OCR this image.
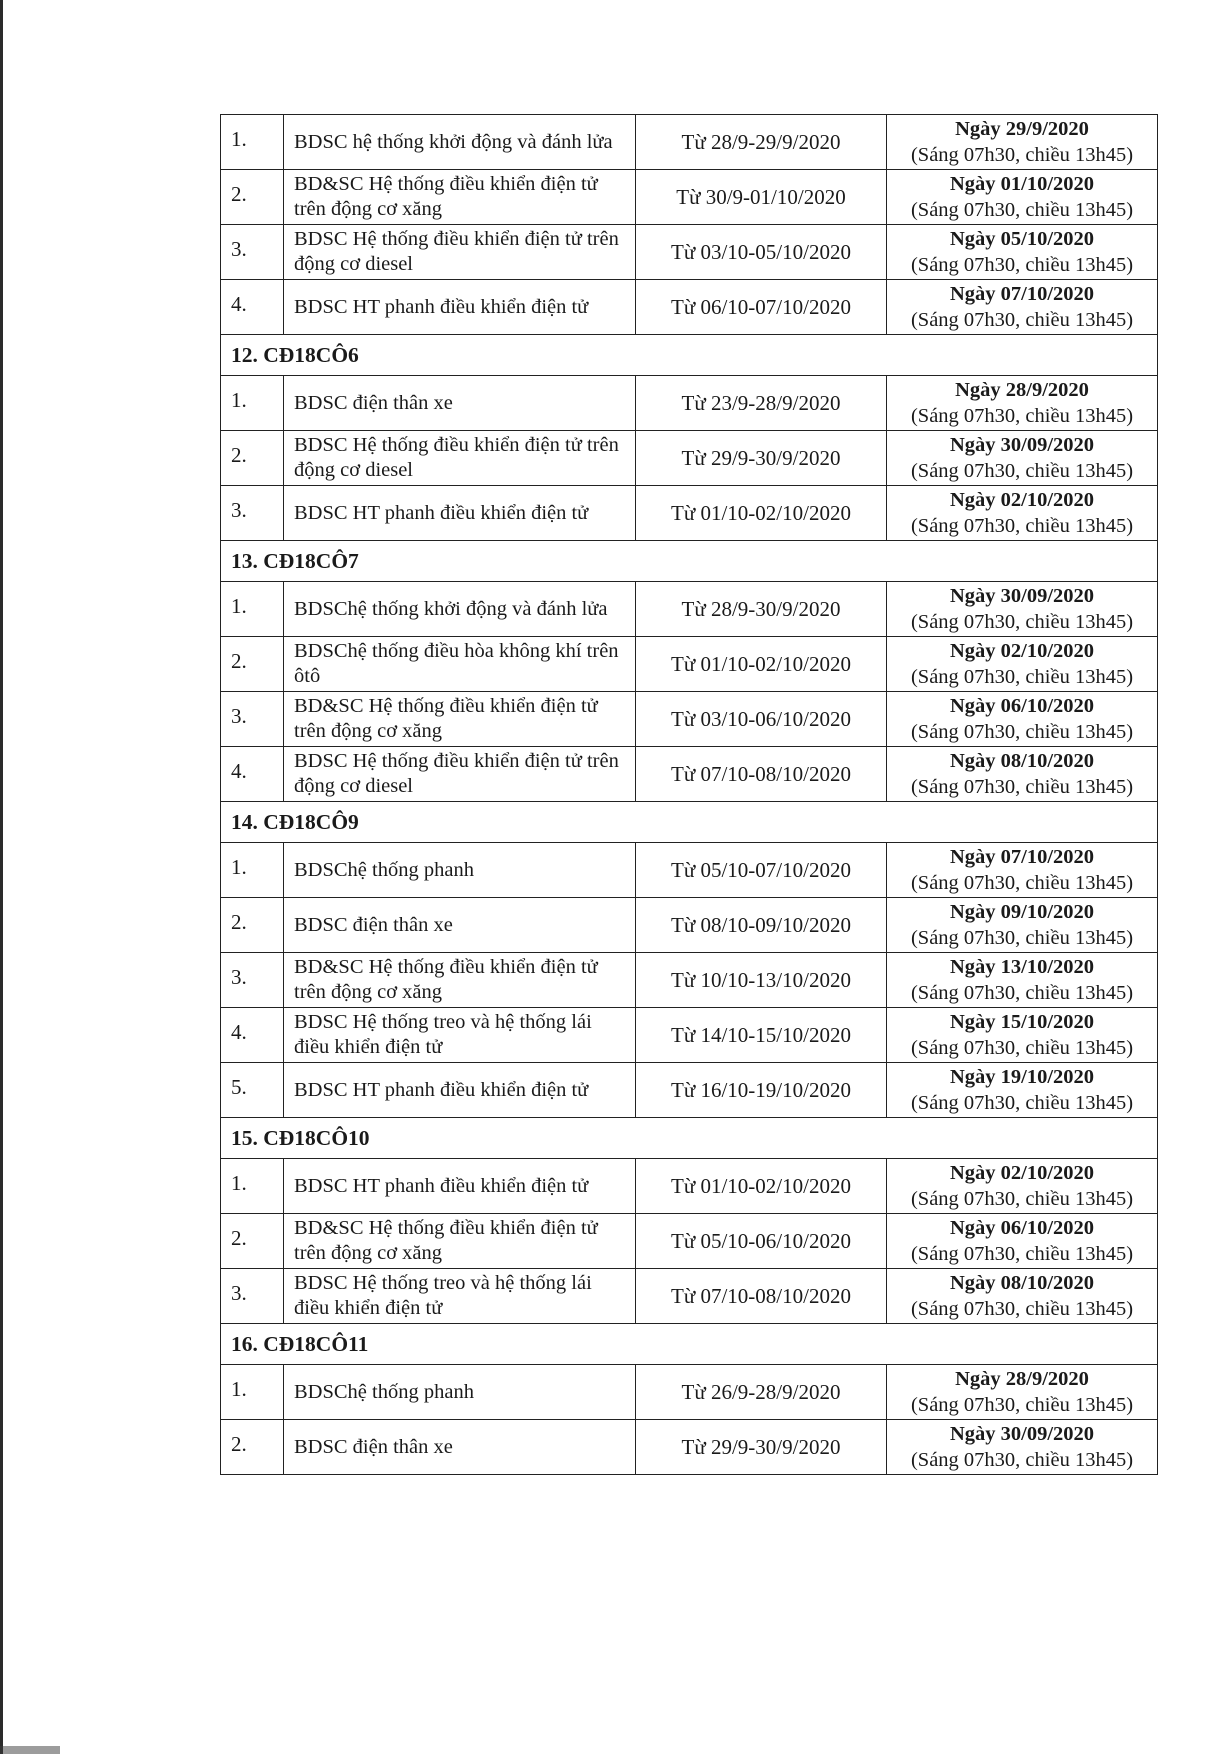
1.	BDSC hệ thống khởi động và đánh lửa	Từ 28/9-29/9/2020	Ngày 29/9/2020
(Sáng 07h30, chiều 13h45)

2.	BD&SC Hệ thống điều khiển điện tử trên động cơ xăng	Từ 30/9-01/10/2020	Ngày 01/10/2020
(Sáng 07h30, chiều 13h45)

3.	BDSC Hệ thống điều khiển điện tử trên động cơ diesel	Từ 03/10-05/10/2020	Ngày 05/10/2020
(Sáng 07h30, chiều 13h45)

4.	BDSC HT phanh điều khiển điện tử	Từ 06/10-07/10/2020	Ngày 07/10/2020
(Sáng 07h30, chiều 13h45)

12. CĐ18CÔ6			
1.	BDSC điện thân xe	Từ 23/9-28/9/2020	Ngày 28/9/2020
(Sáng 07h30, chiều 13h45)

2.	BDSC Hệ thống điều khiển điện tử trên động cơ diesel	Từ 29/9-30/9/2020	Ngày 30/09/2020
(Sáng 07h30, chiều 13h45)

3.	BDSC HT phanh điều khiển điện tử	Từ 01/10-02/10/2020	Ngày 02/10/2020
(Sáng 07h30, chiều 13h45)

13. CĐ18CÔ7			
1.	BDSChệ thống khởi động và đánh lửa	Từ 28/9-30/9/2020	Ngày 30/09/2020
(Sáng 07h30, chiều 13h45)

2.	BDSChệ thống điều hòa không khí trên ôtô	Từ 01/10-02/10/2020	Ngày 02/10/2020
(Sáng 07h30, chiều 13h45)

3.	BD&SC Hệ thống điều khiển điện tử trên động cơ xăng	Từ 03/10-06/10/2020	Ngày 06/10/2020
(Sáng 07h30, chiều 13h45)

4.	BDSC Hệ thống điều khiển điện tử trên động cơ diesel	Từ 07/10-08/10/2020	Ngày 08/10/2020
(Sáng 07h30, chiều 13h45)

14. CĐ18CÔ9			
1.	BDSChệ thống phanh	Từ 05/10-07/10/2020	Ngày 07/10/2020
(Sáng 07h30, chiều 13h45)

2.	BDSC điện thân xe	Từ 08/10-09/10/2020	Ngày 09/10/2020
(Sáng 07h30, chiều 13h45)

3.	BD&SC Hệ thống điều khiển điện tử trên động cơ xăng	Từ 10/10-13/10/2020	Ngày 13/10/2020
(Sáng 07h30, chiều 13h45)

4.	BDSC Hệ thống treo và hệ thống lái điều khiển điện tử	Từ 14/10-15/10/2020	Ngày 15/10/2020
(Sáng 07h30, chiều 13h45)

5.	BDSC HT phanh điều khiển điện tử	Từ 16/10-19/10/2020	Ngày 19/10/2020
(Sáng 07h30, chiều 13h45)

15. CĐ18CÔ10			
1.	BDSC HT phanh điều khiển điện tử	Từ 01/10-02/10/2020	Ngày 02/10/2020
(Sáng 07h30, chiều 13h45)

2.	BD&SC Hệ thống điều khiển điện tử trên động cơ xăng	Từ 05/10-06/10/2020	Ngày 06/10/2020
(Sáng 07h30, chiều 13h45)

3.	BDSC Hệ thống treo và hệ thống lái điều khiển điện tử	Từ 07/10-08/10/2020	Ngày 08/10/2020
(Sáng 07h30, chiều 13h45)

16. CĐ18CÔ11			
1.	BDSChệ thống phanh	Từ 26/9-28/9/2020	Ngày 28/9/2020
(Sáng 07h30, chiều 13h45)

2.	BDSC điện thân xe	Từ 29/9-30/9/2020	Ngày 30/09/2020
(Sáng 07h30, chiều 13h45)
